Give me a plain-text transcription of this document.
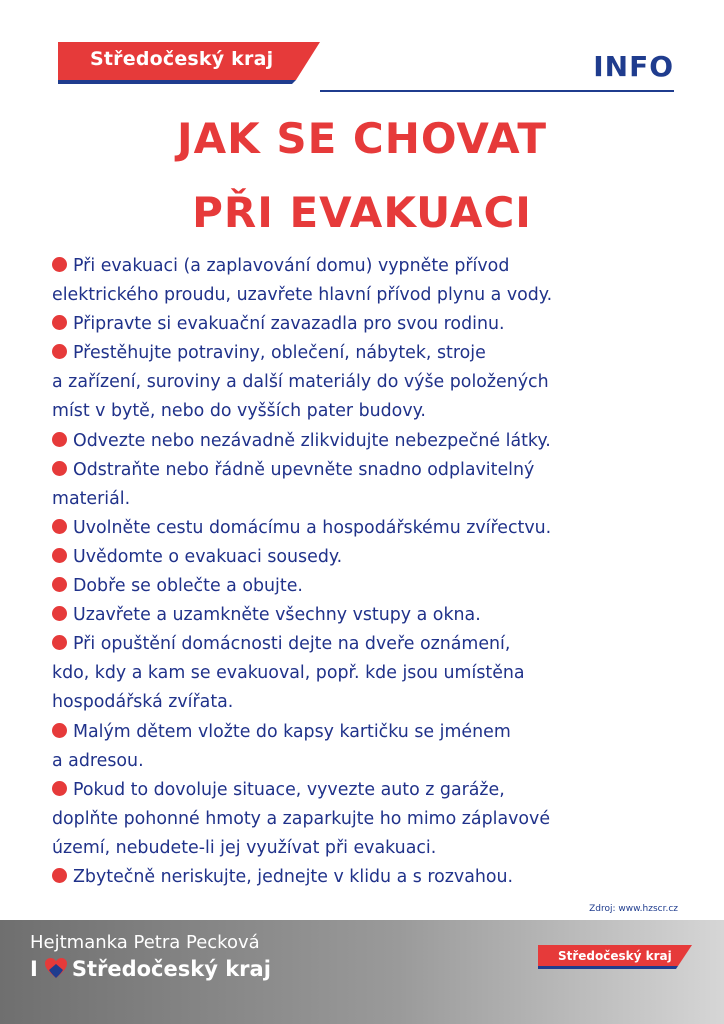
Středočeský kraj	INFO
JAK SE CHOVAT
PŘI EVAKUACI
Při evakuaci (a zaplavování domu) vypněte přívod
elektrického proudu, uzavřete hlavní přívod plynu a vody.
Připravte si evakuační zavazadla pro svou rodinu.
Přestěhujte potraviny, oblečení, nábytek, stroje
a zařízení, suroviny a další materiály do výše položených
míst v bytě, nebo do vyšších pater budovy.
Odvezte nebo nezávadně zlikvidujte nebezpečné látky.
Odstraňte nebo řádně upevněte snadno odplavitelný
materiál.
Uvolněte cestu domácímu a hospodářskému zvířectvu.
Uvědomte o evakuaci sousedy.
Dobře se oblečte a obujte.
Uzavřete a uzamkněte všechny vstupy a okna.
Při opuštění domácnosti dejte na dveře oznámení,
kdo, kdy a kam se evakuoval, popř. kde jsou umístěna
hospodářská zvířata.
Malým dětem vložte do kapsy kartičku se jménem
a adresou.
Pokud to dovoluje situace, vyvezte auto z garáže,
doplňte pohonné hmoty a zaparkujte ho mimo záplavové
území, nebudete-li jej využívat při evakuaci.
Zbytečně neriskujte, jednejte v klidu a s rozvahou.
Zdroj: www.hzscr.cz
Hejtmanka Petra Pecková
I Středočeský kraj
Středočeský kraj
